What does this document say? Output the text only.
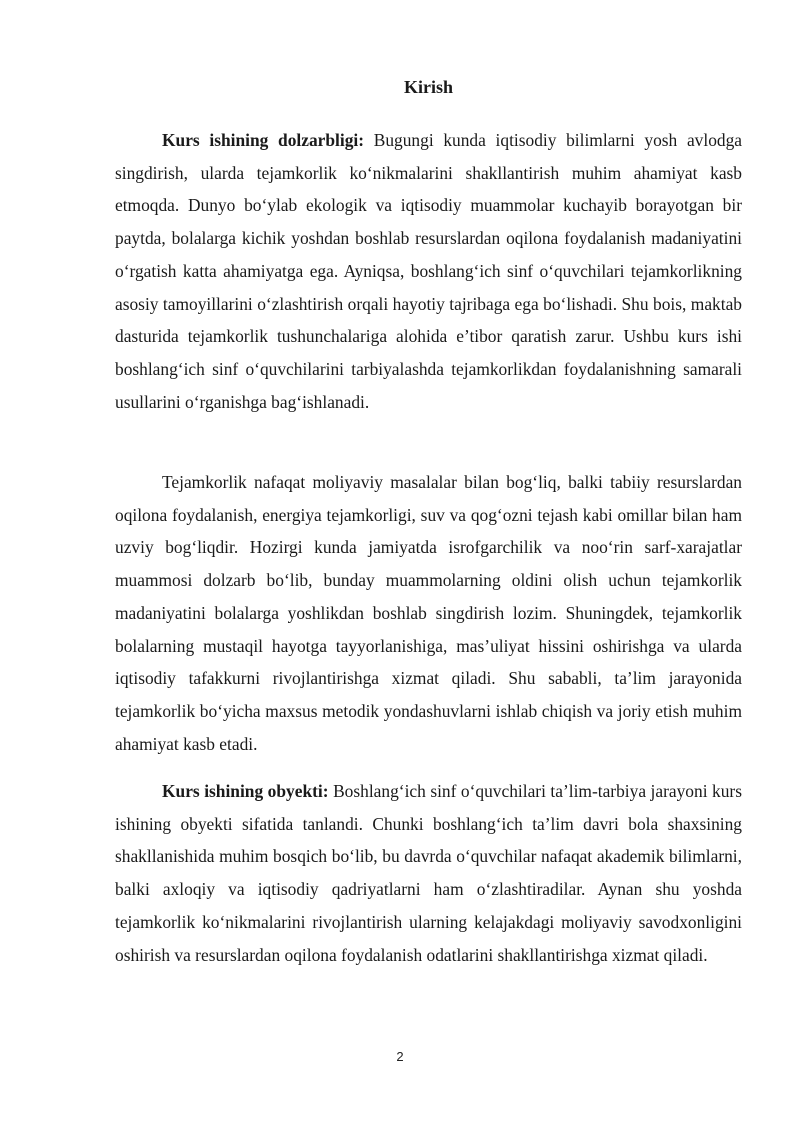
Kirish

Kurs ishining dolzarbligi: Bugungi kunda iqtisodiy bilimlarni yosh avlodga singdirish, ularda tejamkorlik ko‘nikmalarini shakllantirish muhim ahamiyat kasb etmoqda. Dunyo bo‘ylab ekologik va iqtisodiy muammolar kuchayib borayotgan bir paytda, bolalarga kichik yoshdan boshlab resurslardan oqilona foydalanish madaniyatini o‘rgatish katta ahamiyatga ega. Ayniqsa, boshlang‘ich sinf o‘quvchilari tejamkorlikning asosiy tamoyillarini o‘zlashtirish orqali hayotiy tajribaga ega bo‘lishadi. Shu bois, maktab dasturida tejamkorlik tushunchalariga alohida e’tibor qaratish zarur. Ushbu kurs ishi boshlang‘ich sinf o‘quvchilarini tarbiyalashda tejamkorlikdan foydalanishning samarali usullarini o‘rganishga bag‘ishlanadi.

Tejamkorlik nafaqat moliyaviy masalalar bilan bog‘liq, balki tabiiy resurslardan oqilona foydalanish, energiya tejamkorligi, suv va qog‘ozni tejash kabi omillar bilan ham uzviy bog‘liqdir. Hozirgi kunda jamiyatda isrofgarchilik va noo‘rin sarf-xarajatlar muammosi dolzarb bo‘lib, bunday muammolarning oldini olish uchun tejamkorlik madaniyatini bolalarga yoshlikdan boshlab singdirish lozim. Shuningdek, tejamkorlik bolalarning mustaqil hayotga tayyorlanishiga, mas’uliyat hissini oshirishga va ularda iqtisodiy tafakkurni rivojlantirishga xizmat qiladi. Shu sababli, ta’lim jarayonida tejamkorlik bo‘yicha maxsus metodik yondashuvlarni ishlab chiqish va joriy etish muhim ahamiyat kasb etadi.

Kurs ishining obyekti: Boshlang‘ich sinf o‘quvchilari ta’lim-tarbiya jarayoni kurs ishining obyekti sifatida tanlandi. Chunki boshlang‘ich ta’lim davri bola shaxsining shakllanishida muhim bosqich bo‘lib, bu davrda o‘quvchilar nafaqat akademik bilimlarni, balki axloqiy va iqtisodiy qadriyatlarni ham o‘zlashtiradilar. Aynan shu yoshda tejamkorlik ko‘nikmalarini rivojlantirish ularning kelajakdagi moliyaviy savodxonligini oshirish va resurslardan oqilona foydalanish odatlarini shakllantirishga xizmat qiladi.

2
